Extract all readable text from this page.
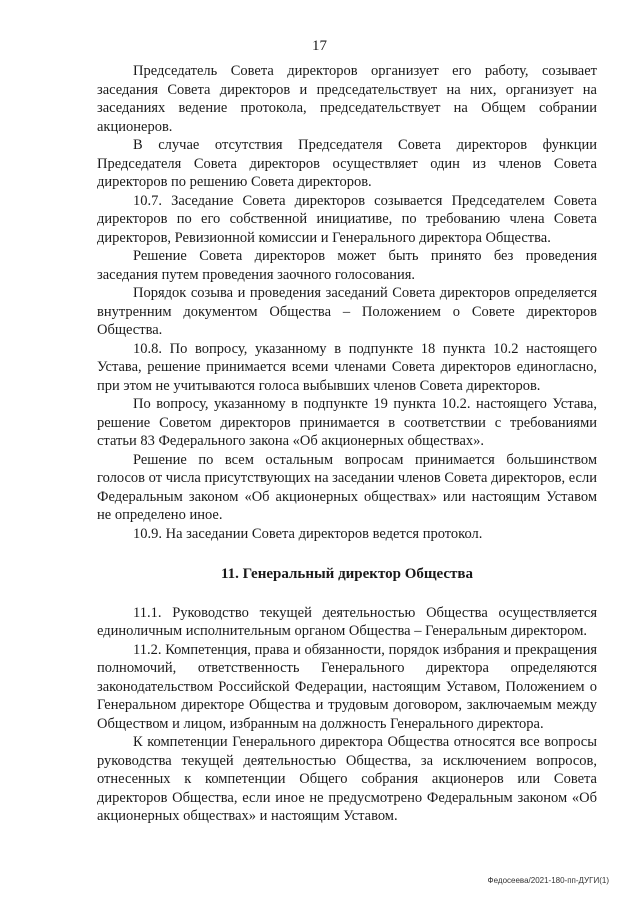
17

Председатель Совета директоров организует его работу, созывает заседания Совета директоров и председательствует на них, организует на заседаниях ведение протокола, председательствует на Общем собрании акционеров.

В случае отсутствия Председателя Совета директоров функции Председателя Совета директоров осуществляет один из членов Совета директоров по решению Совета директоров.

10.7. Заседание Совета директоров созывается Председателем Совета директоров по его собственной инициативе, по требованию члена Совета директоров, Ревизионной комиссии и Генерального директора Общества.

Решение Совета директоров может быть принято без проведения заседания путем проведения заочного голосования.

Порядок созыва и проведения заседаний Совета директоров определяется внутренним документом Общества – Положением о Совете директоров Общества.

10.8. По вопросу, указанному в подпункте 18 пункта 10.2 настоящего Устава, решение принимается всеми членами Совета директоров единогласно, при этом не учитываются голоса выбывших членов Совета директоров.

По вопросу, указанному в подпункте 19 пункта 10.2. настоящего Устава, решение Советом директоров принимается в соответствии с требованиями статьи 83 Федерального закона «Об акционерных обществах».

Решение по всем остальным вопросам принимается большинством голосов от числа присутствующих на заседании членов Совета директоров, если Федеральным законом «Об акционерных обществах» или настоящим Уставом не определено иное.

10.9. На заседании Совета директоров ведется протокол.

11. Генеральный директор Общества

11.1. Руководство текущей деятельностью Общества осуществляется единоличным исполнительным органом Общества – Генеральным директором.

11.2. Компетенция, права и обязанности, порядок избрания и прекращения полномочий, ответственность Генерального директора определяются законодательством Российской Федерации, настоящим Уставом, Положением о Генеральном директоре Общества и трудовым договором, заключаемым между Обществом и лицом, избранным на должность Генерального директора.

К компетенции Генерального директора Общества относятся все вопросы руководства текущей деятельностью Общества, за исключением вопросов, отнесенных к компетенции Общего собрания акционеров или Совета директоров Общества, если иное не предусмотрено Федеральным законом «Об акционерных обществах» и настоящим Уставом.

Федосеева/2021-180-пп-ДУГИ(1)
